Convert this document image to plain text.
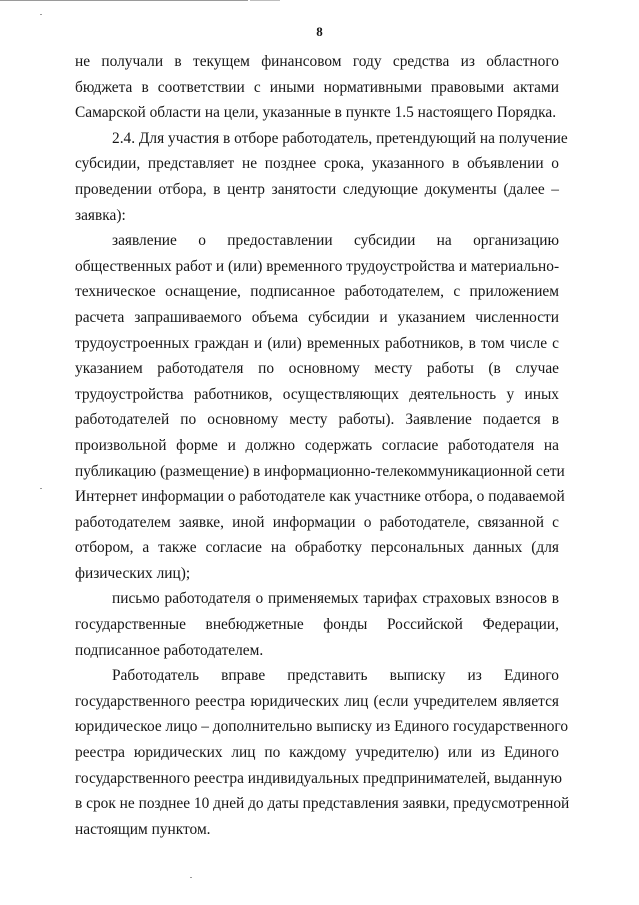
8

не получали в текущем финансовом году средства из областного
бюджета в соответствии с иными нормативными правовыми актами
Самарской области на цели, указанные в пункте 1.5 настоящего Порядка.

2.4. Для участия в отборе работодатель, претендующий на получение
субсидии, представляет не позднее срока, указанного в объявлении о
проведении отбора, в центр занятости следующие документы (далее –
заявка):

заявление о предоставлении субсидии на организацию
общественных работ и (или) временного трудоустройства и материально-
техническое оснащение, подписанное работодателем, с приложением
расчета запрашиваемого объема субсидии и указанием численности
трудоустроенных граждан и (или) временных работников, в том числе с
указанием работодателя по основному месту работы (в случае
трудоустройства работников, осуществляющих деятельность у иных
работодателей по основному месту работы). Заявление подается в
произвольной форме и должно содержать согласие работодателя на
публикацию (размещение) в информационно-телекоммуникационной сети
Интернет информации о работодателе как участнике отбора, о подаваемой
работодателем заявке, иной информации о работодателе, связанной с
отбором, а также согласие на обработку персональных данных (для
физических лиц);

письмо работодателя о применяемых тарифах страховых взносов в
государственные внебюджетные фонды Российской Федерации,
подписанное работодателем.

Работодатель вправе представить выписку из Единого
государственного реестра юридических лиц (если учредителем является
юридическое лицо – дополнительно выписку из Единого государственного
реестра юридических лиц по каждому учредителю) или из Единого
государственного реестра индивидуальных предпринимателей, выданную
в срок не позднее 10 дней до даты представления заявки, предусмотренной
настоящим пунктом.
